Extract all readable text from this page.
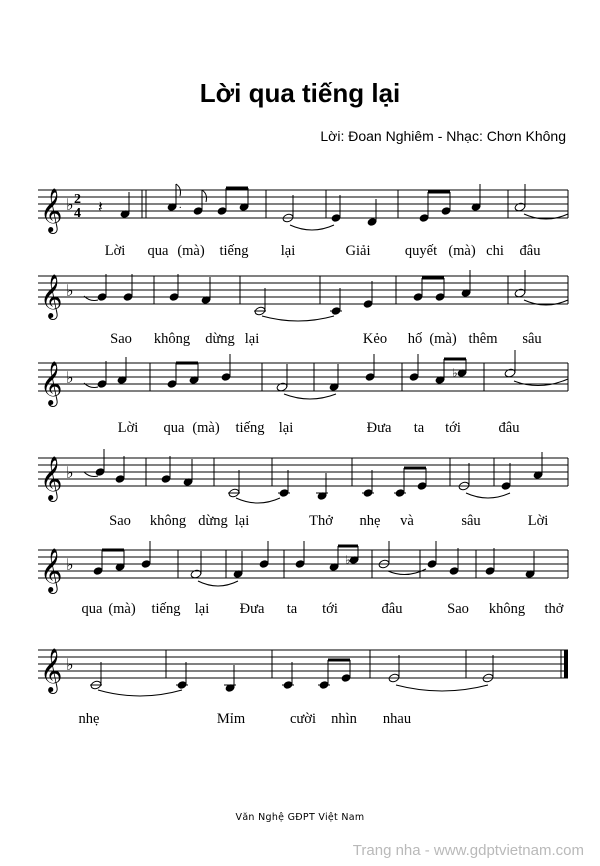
Lời qua tiếng lại
Lời: Đoan Nghiêm - Nhạc: Chơn Không
𝄞 ♭ 2
4 𝄽	.
Lời qua (mà) tiếng lại	Giải quyết (mà) chi đâu
𝄞 ♭
Sao không dừng lại	Kẻo hố (mà) thêm sâu
𝄞 ♭	♭
Lời qua (mà) tiếng lại	Đưa ta tới	đâu
𝄞 ♭
Sao không dừng lại	Thở nhẹ và	sâu	Lời
𝄞 ♭	♭
qua (mà) tiếng lại Đưa ta tới	đâu	Sao không thở
𝄞 ♭
nhẹ	Mỉm	cười nhìn nhau
Văn Nghệ GĐPT Việt Nam
Trang nha - www.gdptvietnam.com
